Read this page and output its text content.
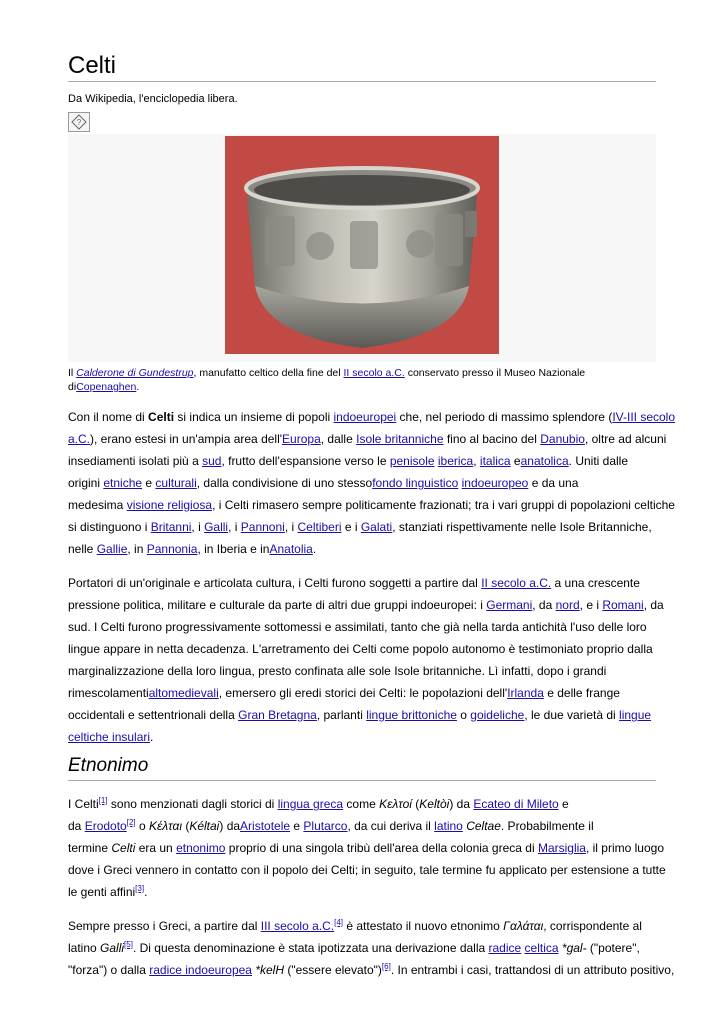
Celti
Da Wikipedia, l'enciclopedia libera.
?
Il Calderone di Gundestrup, manufatto celtico della fine del II secolo a.C. conservato presso il Museo Nazionale diCopenaghen.
Con il nome di Celti si indica un insieme di popoli indoeuropei che, nel periodo di massimo splendore (IV-III secolo
a.C.), erano estesi in un'ampia area dell'Europa, dalle Isole britanniche fino al bacino del Danubio, oltre ad alcuni
insediamenti isolati più a sud, frutto dell'espansione verso le penisole iberica, italica eanatolica. Uniti dalle
origini etniche e culturali, dalla condivisione di uno stessofondo linguistico indoeuropeo e da una
medesima visione religiosa, i Celti rimasero sempre politicamente frazionati; tra i vari gruppi di popolazioni celtiche
si distinguono i Britanni, i Galli, i Pannoni, i Celtiberi e i Galati, stanziati rispettivamente nelle Isole Britanniche,
nelle Gallie, in Pannonia, in Iberia e inAnatolia.
Portatori di un'originale e articolata cultura, i Celti furono soggetti a partire dal II secolo a.C. a una crescente
pressione politica, militare e culturale da parte di altri due gruppi indoeuropei: i Germani, da nord, e i Romani, da
sud. I Celti furono progressivamente sottomessi e assimilati, tanto che già nella tarda antichità l'uso delle loro
lingue appare in netta decadenza. L'arretramento dei Celti come popolo autonomo è testimoniato proprio dalla
marginalizzazione della loro lingua, presto confinata alle sole Isole britanniche. Lì infatti, dopo i grandi
rimescolamentialtomedievali, emersero gli eredi storici dei Celti: le popolazioni dell'Irlanda e delle frange
occidentali e settentrionali della Gran Bretagna, parlanti lingue brittoniche o goideliche, le due varietà di lingue
celtiche insulari.
Etnonimo
I Celti[1] sono menzionati dagli storici di lingua greca come Κελτοί (Keltòi) da Ecateo di Mileto e
da Erodoto[2] o Κέλται (Kéltai) daAristotele e Plutarco, da cui deriva il latino Celtae. Probabilmente il
termine Celti era un etnonimo proprio di una singola tribù dell'area della colonia greca di Marsiglia, il primo luogo
dove i Greci vennero in contatto con il popolo dei Celti; in seguito, tale termine fu applicato per estensione a tutte
le genti affini[3].
Sempre presso i Greci, a partire dal III secolo a.C.[4] è attestato il nuovo etnonimo Γαλάται, corrispondente al
latino Galli[5]. Di questa denominazione è stata ipotizzata una derivazione dalla radice celtica *gal- ("potere",
"forza") o dalla radice indoeuropea *kelH ("essere elevato")[6]. In entrambi i casi, trattandosi di un attributo positivo,
